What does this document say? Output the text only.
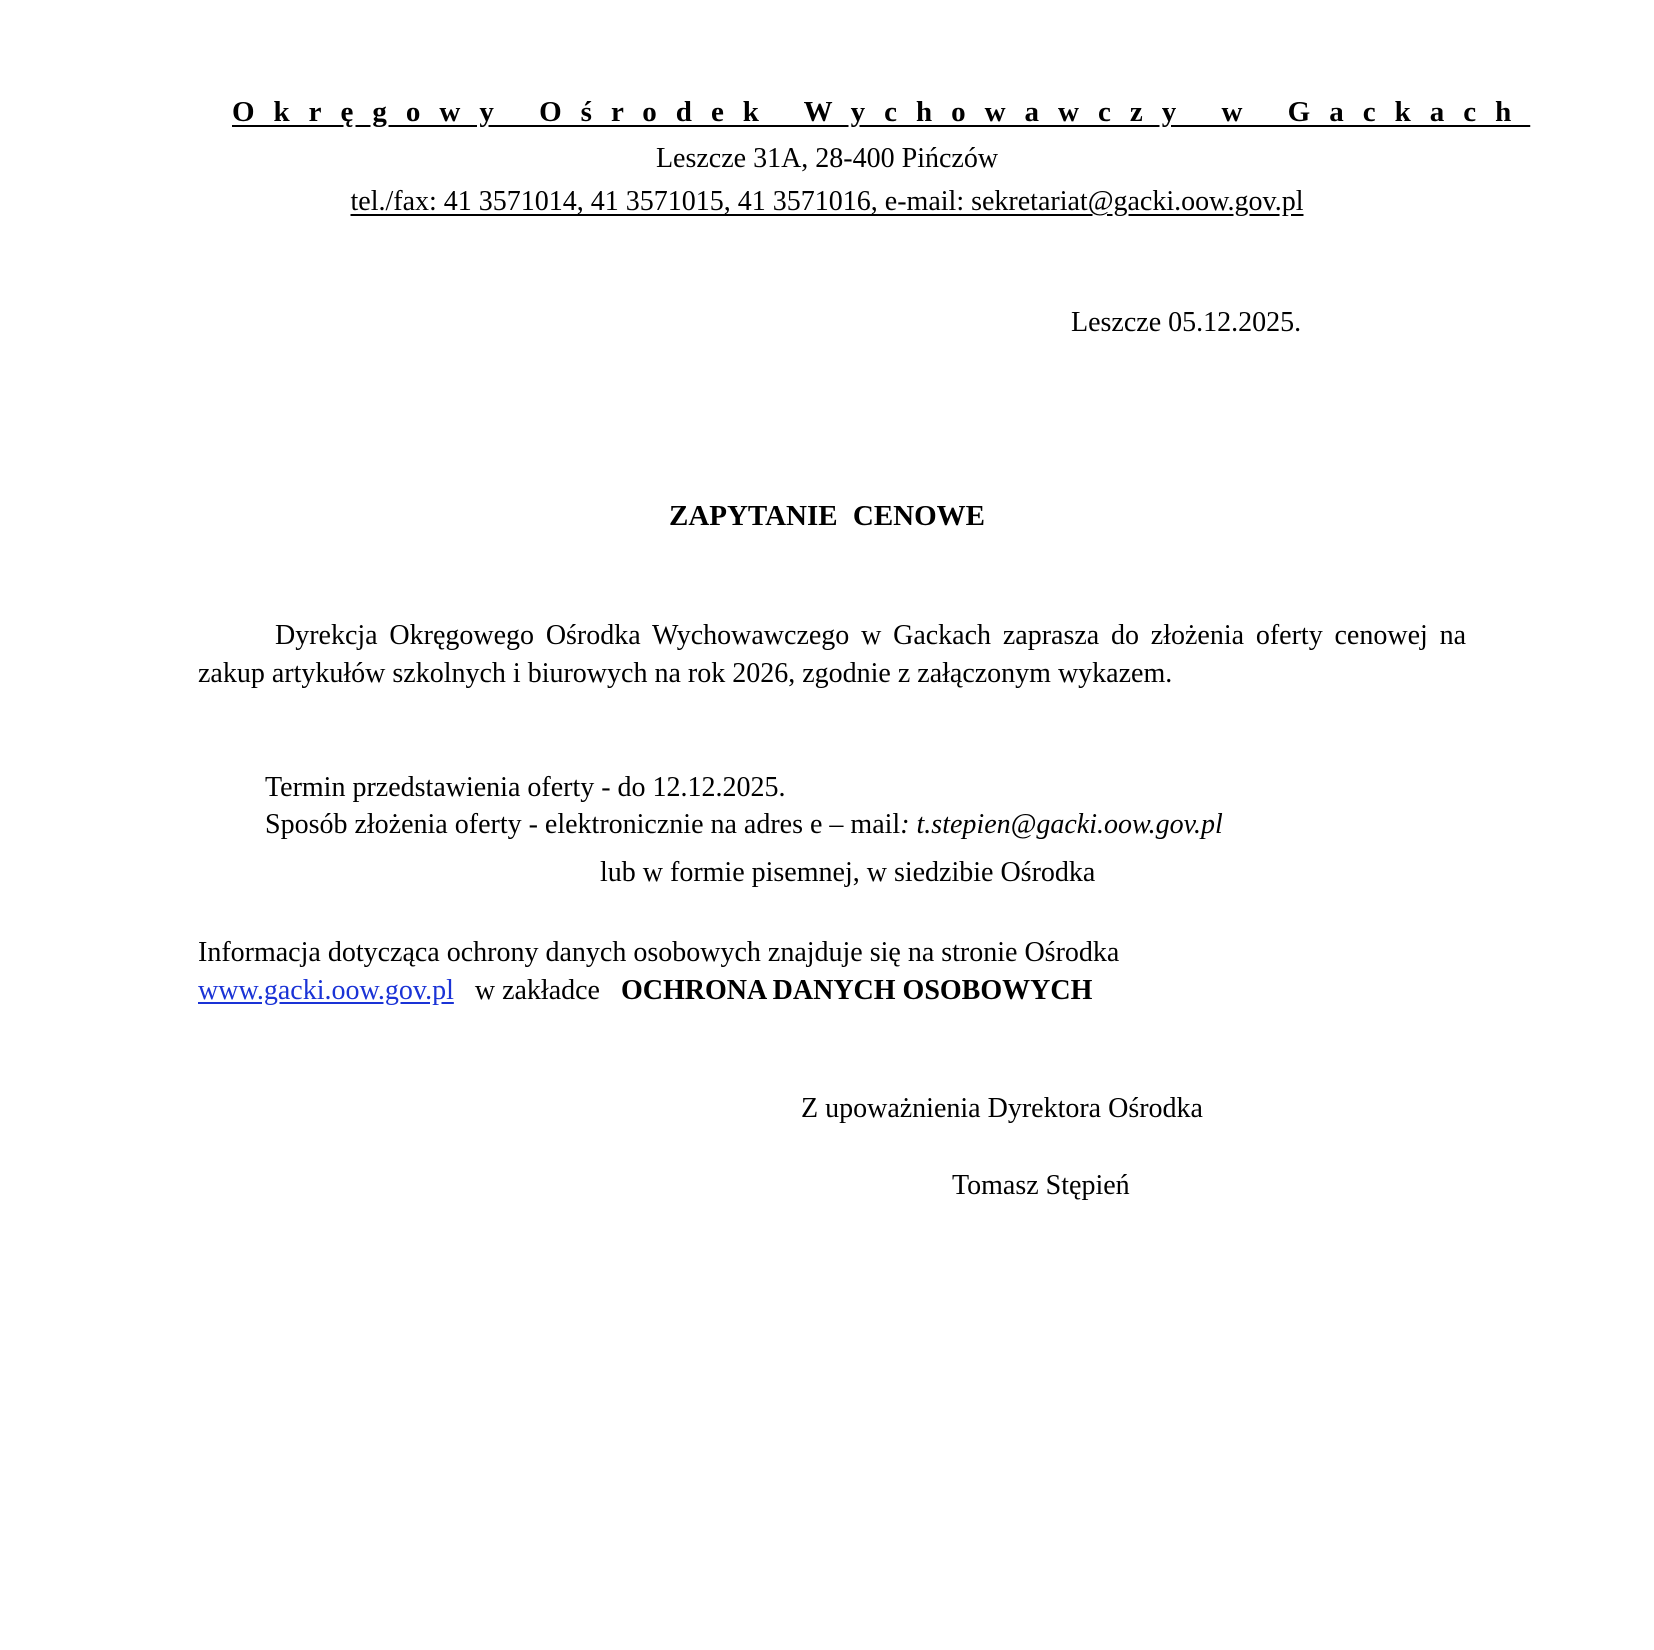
Okręgowy Ośrodek Wychowawczy w Gackach
Leszcze 31A, 28-400 Pińczów
tel./fax: 41 3571014, 41 3571015, 41 3571016, e-mail: sekretariat@gacki.oow.gov.pl
Leszcze 05.12.2025.
ZAPYTANIE CENOWE
Dyrekcja Okręgowego Ośrodka Wychowawczego w Gackach zaprasza do złożenia oferty cenowej na zakup artykułów szkolnych i biurowych na rok 2026, zgodnie z załączonym wykazem.
Termin przedstawienia oferty - do 12.12.2025.
Sposób złożenia oferty - elektronicznie na adres e – mail: t.stepien@gacki.oow.gov.pl
lub w formie pisemnej, w siedzibie Ośrodka
Informacja dotycząca ochrony danych osobowych znajduje się na stronie Ośrodka
www.gacki.oow.gov.pl w zakładce OCHRONA DANYCH OSOBOWYCH
Z upoważnienia Dyrektora Ośrodka
Tomasz Stępień
